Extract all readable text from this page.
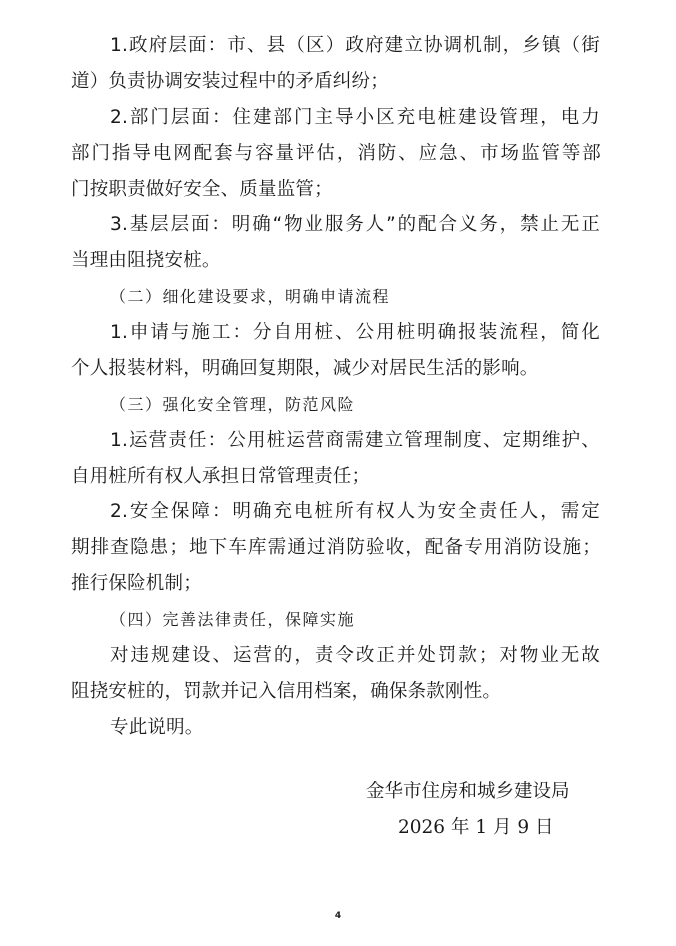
1.政府层面：市、县（区）政府建立协调机制，乡镇（街
道）负责协调安装过程中的矛盾纠纷；
2.部门层面：住建部门主导小区充电桩建设管理，电力
部门指导电网配套与容量评估，消防、应急、市场监管等部
门按职责做好安全、质量监管；
3.基层层面：明确“物业服务人”的配合义务，禁止无正
当理由阻挠安桩。
（二）细化建设要求，明确申请流程
1.申请与施工：分自用桩、公用桩明确报装流程，简化
个人报装材料，明确回复期限，减少对居民生活的影响。
（三）强化安全管理，防范风险
1.运营责任：公用桩运营商需建立管理制度、定期维护、
自用桩所有权人承担日常管理责任；
2.安全保障：明确充电桩所有权人为安全责任人，需定
期排查隐患；地下车库需通过消防验收，配备专用消防设施；
推行保险机制；
（四）完善法律责任，保障实施
对违规建设、运营的，责令改正并处罚款；对物业无故
阻挠安桩的，罚款并记入信用档案，确保条款刚性。
专此说明。
金华市住房和城乡建设局
2026 年 1 月 9 日
4
